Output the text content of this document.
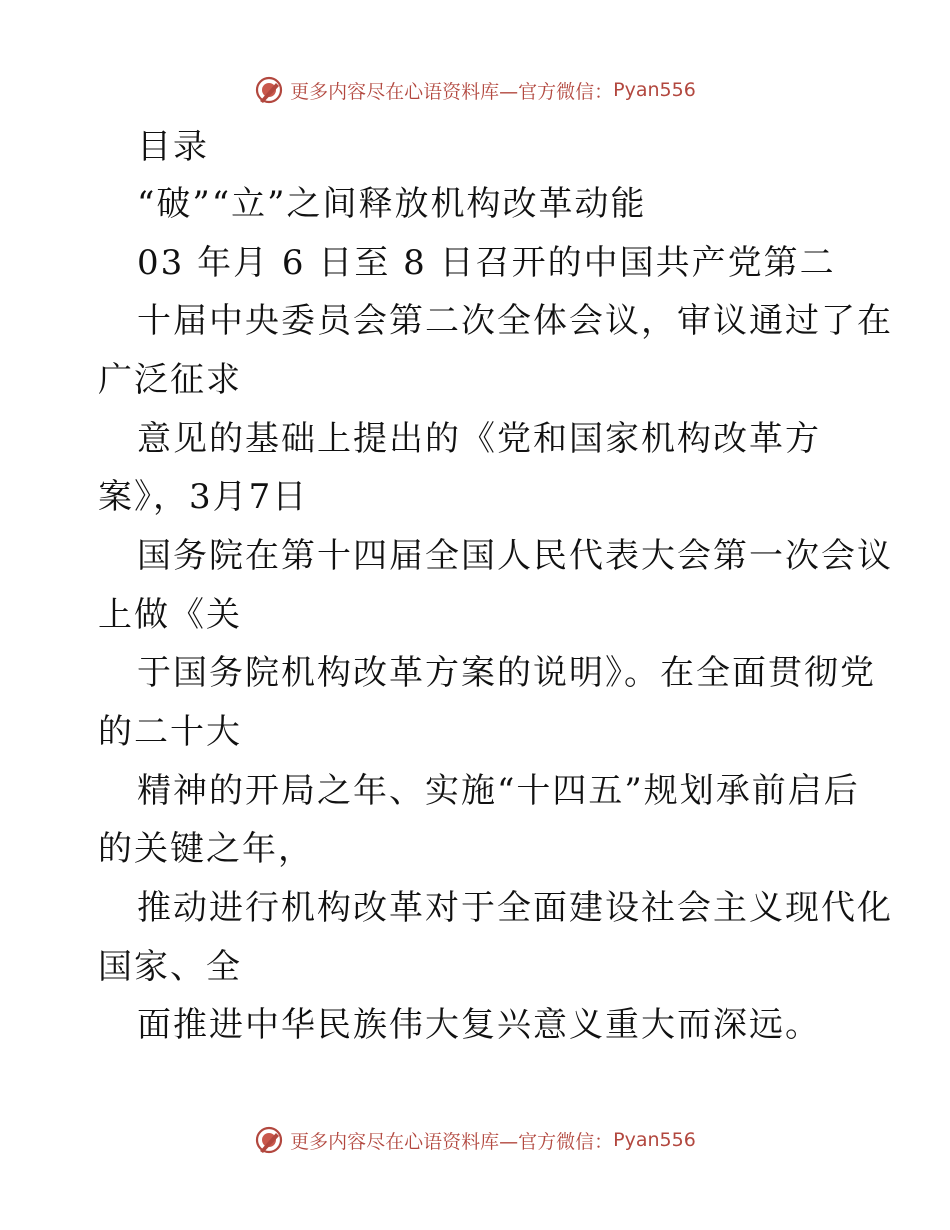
更多内容尽在心语资料库—官方微信： Pyan556
目录
“破”“立”之间释放机构改革动能
03 年月 6 日至 8 日召开的中国共产党第二
十届中央委员会第二次全体会议，审议通过了在
广泛征求
意见的基础上提出的《党和国家机构改革方
案》，3月7日
国务院在第十四届全国人民代表大会第一次会议
上做《关
于国务院机构改革方案的说明》。在全面贯彻党
的二十大
精神的开局之年、实施“十四五”规划承前启后
的关键之年，
推动进行机构改革对于全面建设社会主义现代化
国家、全
面推进中华民族伟大复兴意义重大而深远。
更多内容尽在心语资料库—官方微信： Pyan556
